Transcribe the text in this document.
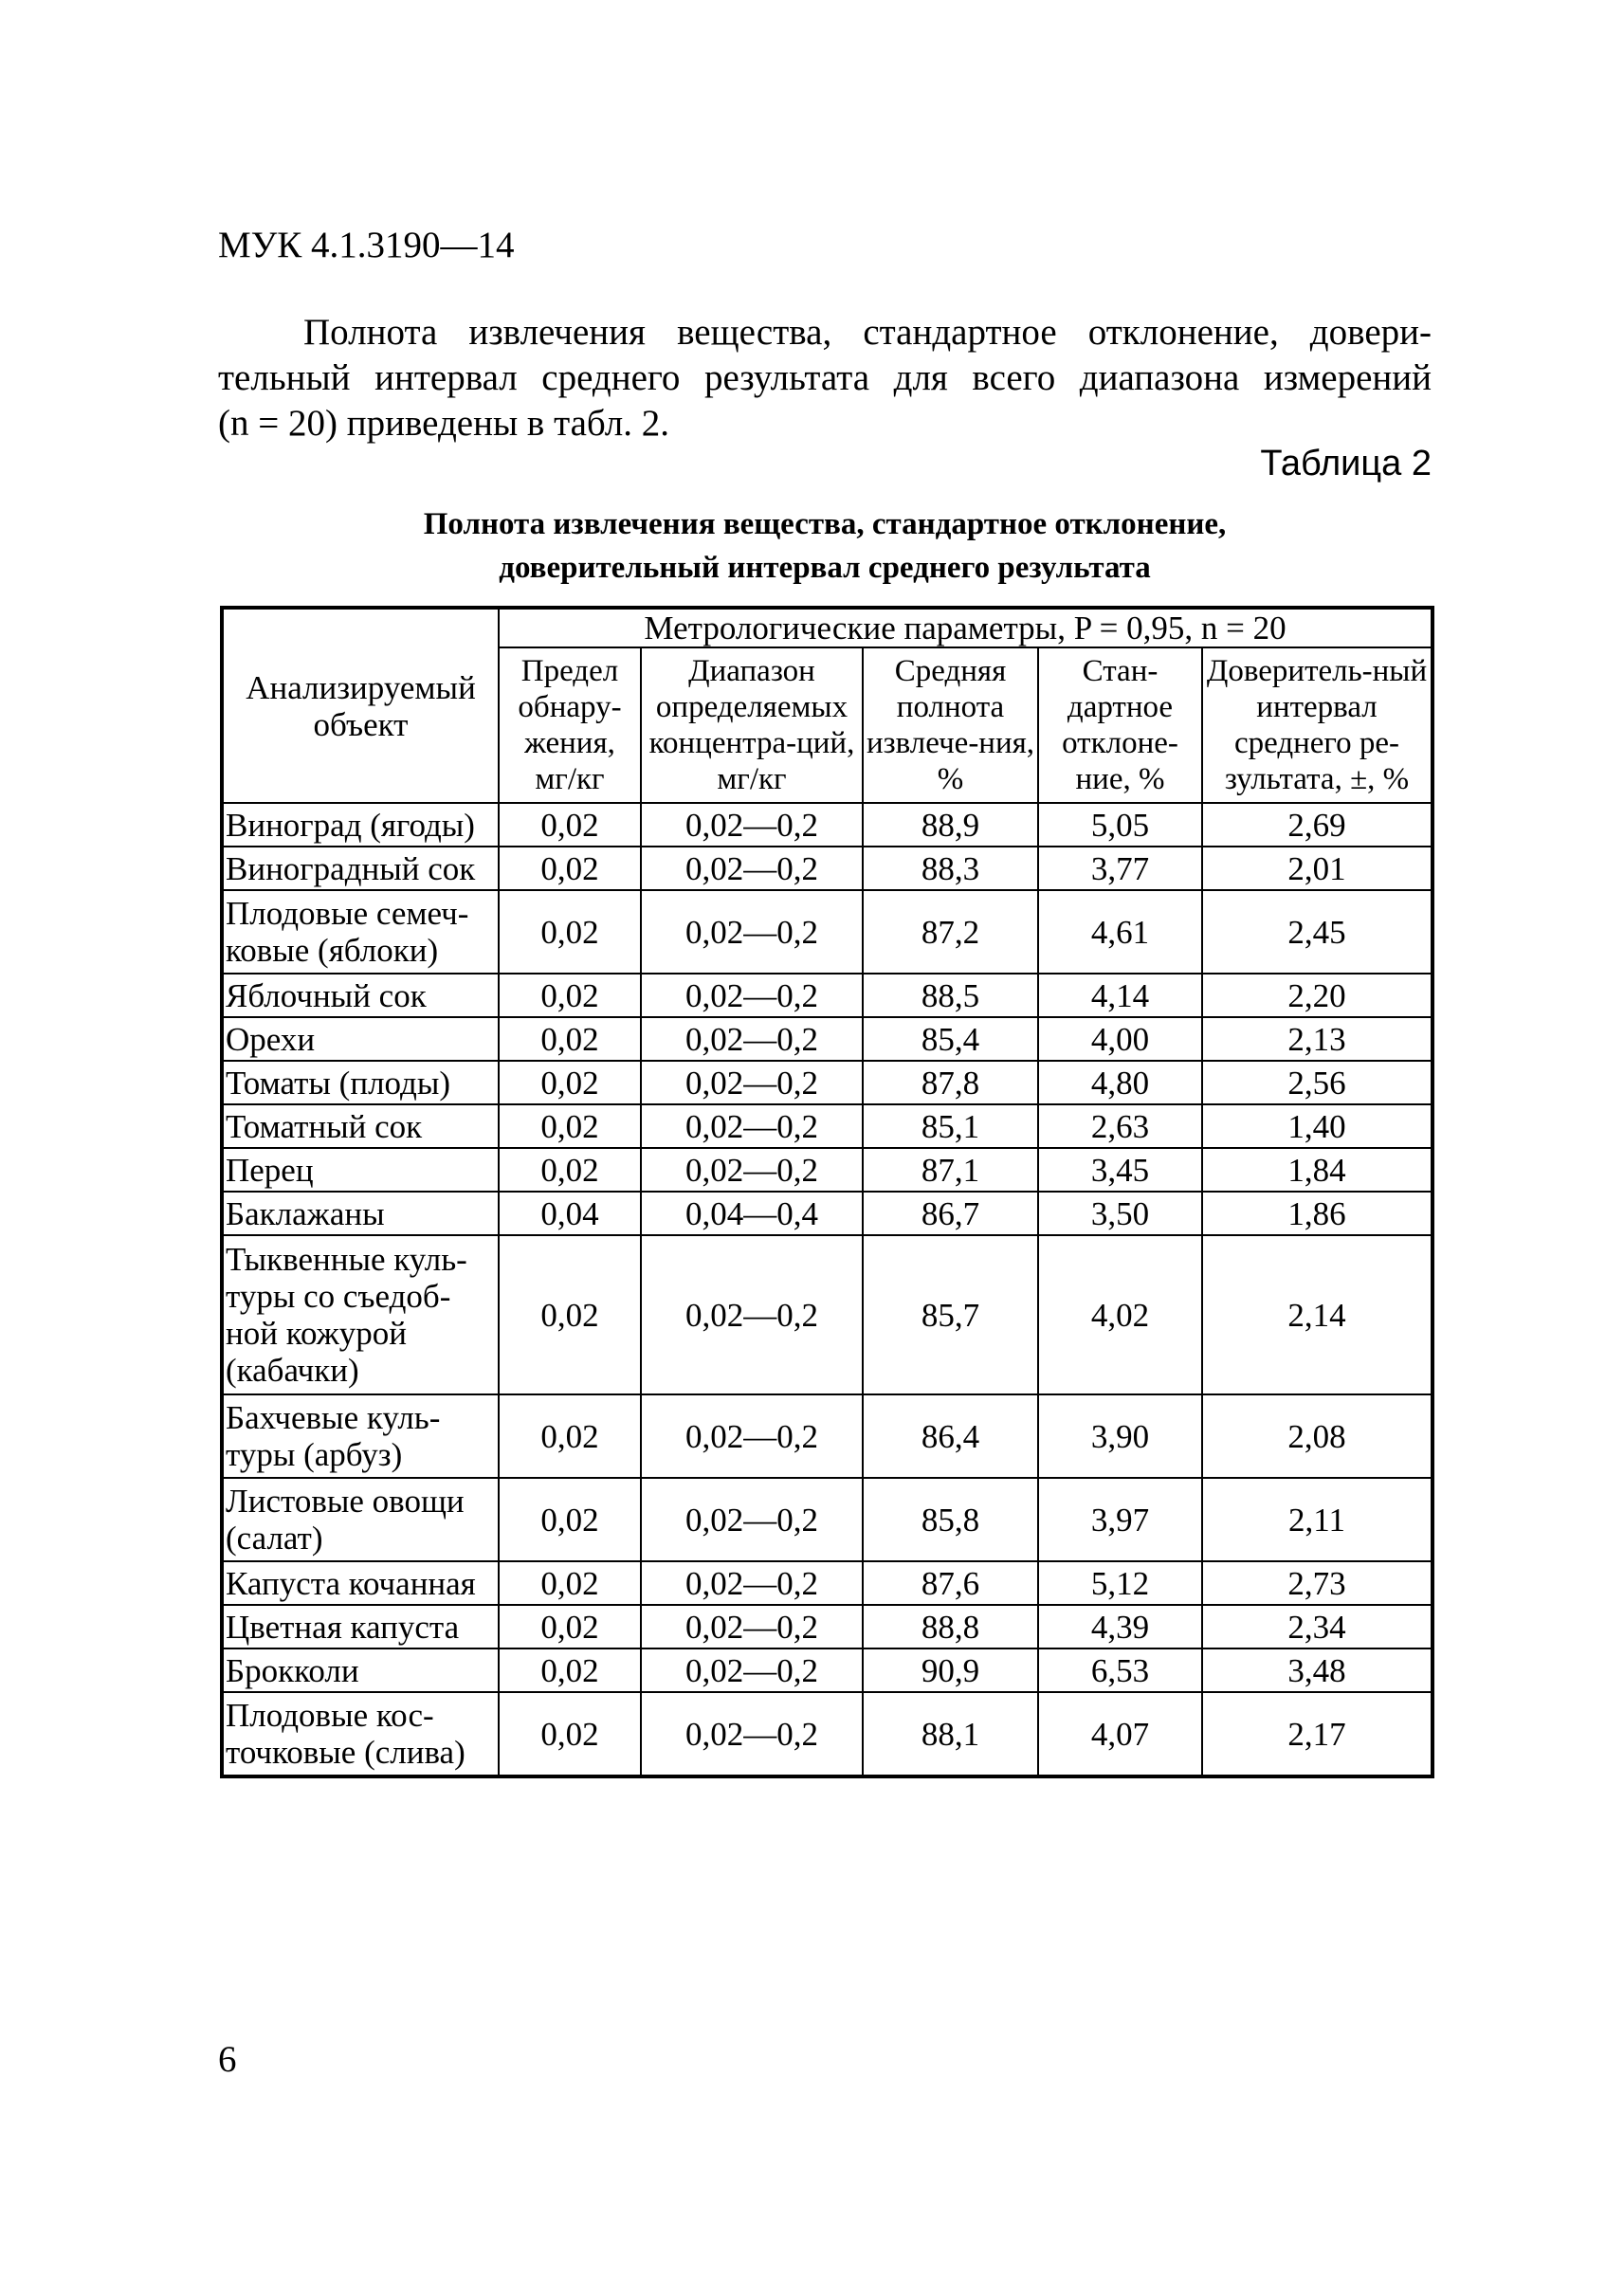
МУК 4.1.3190—14

Полнота извлечения вещества, стандартное отклонение, довери-
тельный интервал среднего результата для всего диапазона измерений
(n = 20) приведены в табл. 2.

Таблица 2
Полнота извлечения вещества, стандартное отклонение,
доверительный интервал среднего результата
Анализируемый объект	Метрологические параметры, P = 0,95, n = 20				
	Предел обнару-жения, мг/кг	Диапазон определяемых концентра-ций, мг/кг	Средняя полнота извлече-ния, %	Стан-дартное отклоне-ние, %	Доверитель-ный интервал среднего ре-зультата, ±, %
Виноград (ягоды)	0,02	0,02—0,2	88,9	5,05	2,69
Виноградный сок	0,02	0,02—0,2	88,3	3,77	2,01
Плодовые семеч-
ковые (яблоки)	0,02	0,02—0,2	87,2	4,61	2,45
Яблочный сок	0,02	0,02—0,2	88,5	4,14	2,20
Орехи	0,02	0,02—0,2	85,4	4,00	2,13
Томаты (плоды)	0,02	0,02—0,2	87,8	4,80	2,56
Томатный сок	0,02	0,02—0,2	85,1	2,63	1,40
Перец	0,02	0,02—0,2	87,1	3,45	1,84
Баклажаны	0,04	0,04—0,4	86,7	3,50	1,86
Тыквенные куль-
туры со съедоб-
ной кожурой
(кабачки)	0,02	0,02—0,2	85,7	4,02	2,14
Бахчевые куль-
туры (арбуз)	0,02	0,02—0,2	86,4	3,90	2,08
Листовые овощи
(салат)	0,02	0,02—0,2	85,8	3,97	2,11
Капуста кочанная	0,02	0,02—0,2	87,6	5,12	2,73
Цветная капуста	0,02	0,02—0,2	88,8	4,39	2,34
Брокколи	0,02	0,02—0,2	90,9	6,53	3,48
Плодовые кос-
точковые (слива)	0,02	0,02—0,2	88,1	4,07	2,17
6
